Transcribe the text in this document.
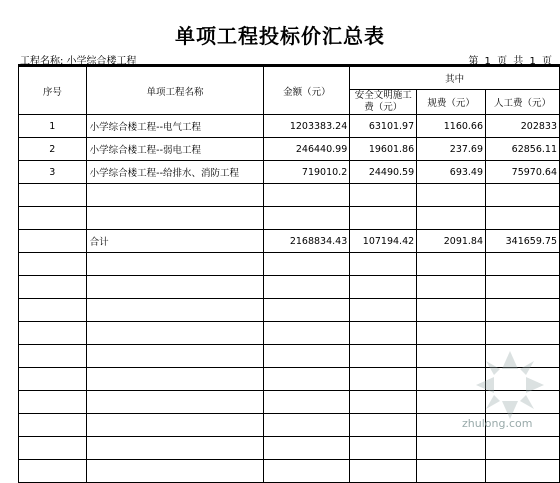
单项工程投标价汇总表
工程名称: 小学综合楼工程	第 1 页 共 1 页
序号	单项工程名称	金额（元）	其中		
			安全文明施工费（元）	规费（元）	人工费（元）
1	小学综合楼工程--电气工程	1203383.24	63101.97	1160.66	202833
2	小学综合楼工程--弱电工程	246440.99	19601.86	237.69	62856.11
3	小学综合楼工程--给排水、消防工程	719010.2	24490.59	693.49	75970.64

	合计	2168834.43	107194.42	2091.84	341659.75

zhulong.com
